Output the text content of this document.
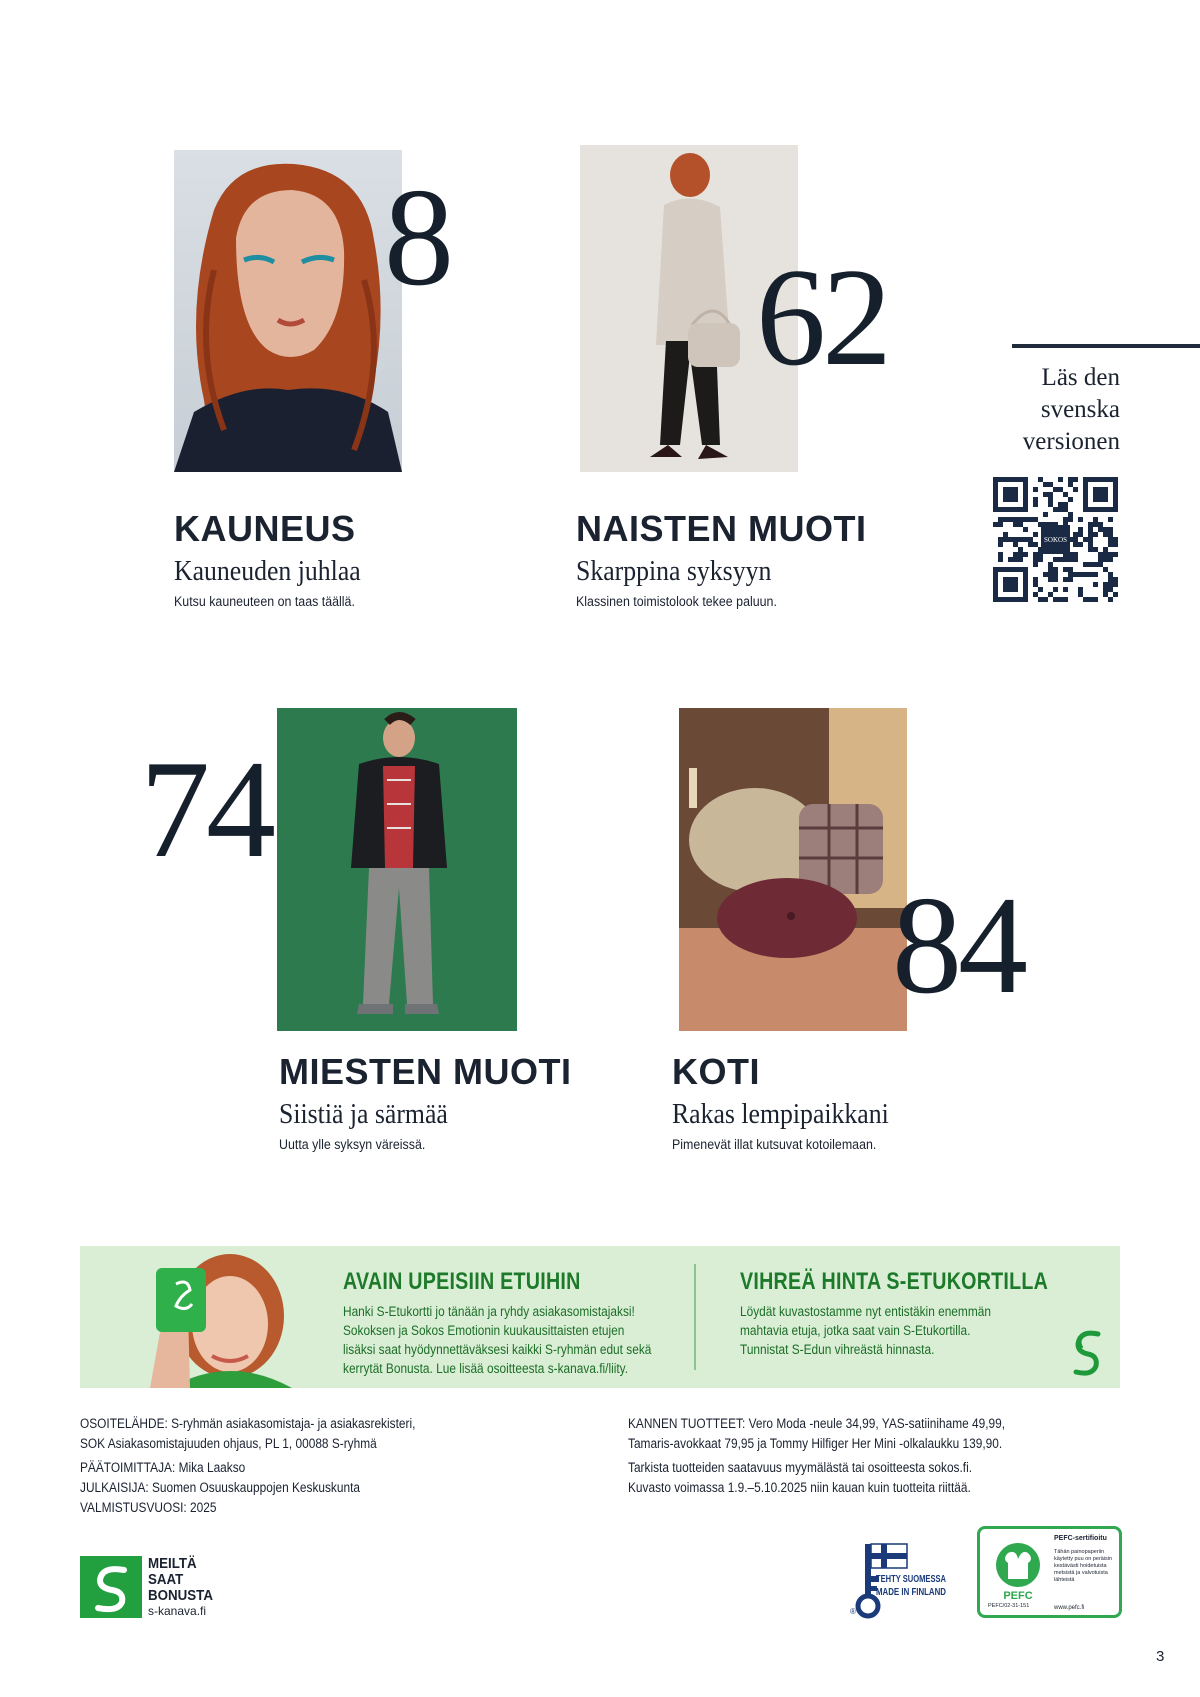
8
KAUNEUS
Kauneuden juhlaa
Kutsu kauneuteen on taas täällä.
62
NAISTEN MUOTI
Skarppina syksyyn
Klassinen toimistolook tekee paluun.
Läs den
svenska
versionen
SOKOS
74
MIESTEN MUOTI
Siistiä ja särmää
Uutta ylle syksyn väreissä.
84
KOTI
Rakas lempipaikkani
Pimenevät illat kutsuvat kotoilemaan.
AVAIN UPEISIIN ETUIHIN
Hanki S-Etukortti jo tänään ja ryhdy asiakasomistajaksi!
Sokoksen ja Sokos Emotionin kuukausittaisten etujen
lisäksi saat hyödynnettäväksesi kaikki S-ryhmän edut sekä
kerrytät Bonusta. Lue lisää osoitteesta s-kanava.fi/liity.
VIHREÄ HINTA S-ETUKORTILLA
Löydät kuvastostamme nyt entistäkin enemmän
mahtavia etuja, jotka saat vain S-Etukortilla.
Tunnistat S-Edun vihreästä hinnasta.
OSOITELÄHDE: S-ryhmän asiakasomistaja- ja asiakasrekisteri,
SOK Asiakasomistajuuden ohjaus, PL 1, 00088 S-ryhmä
PÄÄTOIMITTAJA: Mika Laakso
JULKAISIJA: Suomen Osuuskauppojen Keskuskunta
VALMISTUSVUOSI: 2025
KANNEN TUOTTEET: Vero Moda -neule 34,99, YAS-satiinihame 49,99,
Tamaris-avokkaat 79,95 ja Tommy Hilfiger Her Mini -olkalaukku 139,90.
Tarkista tuotteiden saatavuus myymälästä tai osoitteesta sokos.fi.
Kuvasto voimassa 1.9.–5.10.2025 niin kauan kuin tuotteita riittää.
MEILTÄ
SAAT
BONUSTA
s-kanava.fi	®
TEHTY SUOMESSA
MADE IN FINLAND	PEFC
PEFC/02-31-151
PEFC-sertifioitu
Tähän painopaperiin käytetty puu on peräisin kestävästi hoidetuista metsistä ja valvotuista lähteistä
www.pefc.fi
3
